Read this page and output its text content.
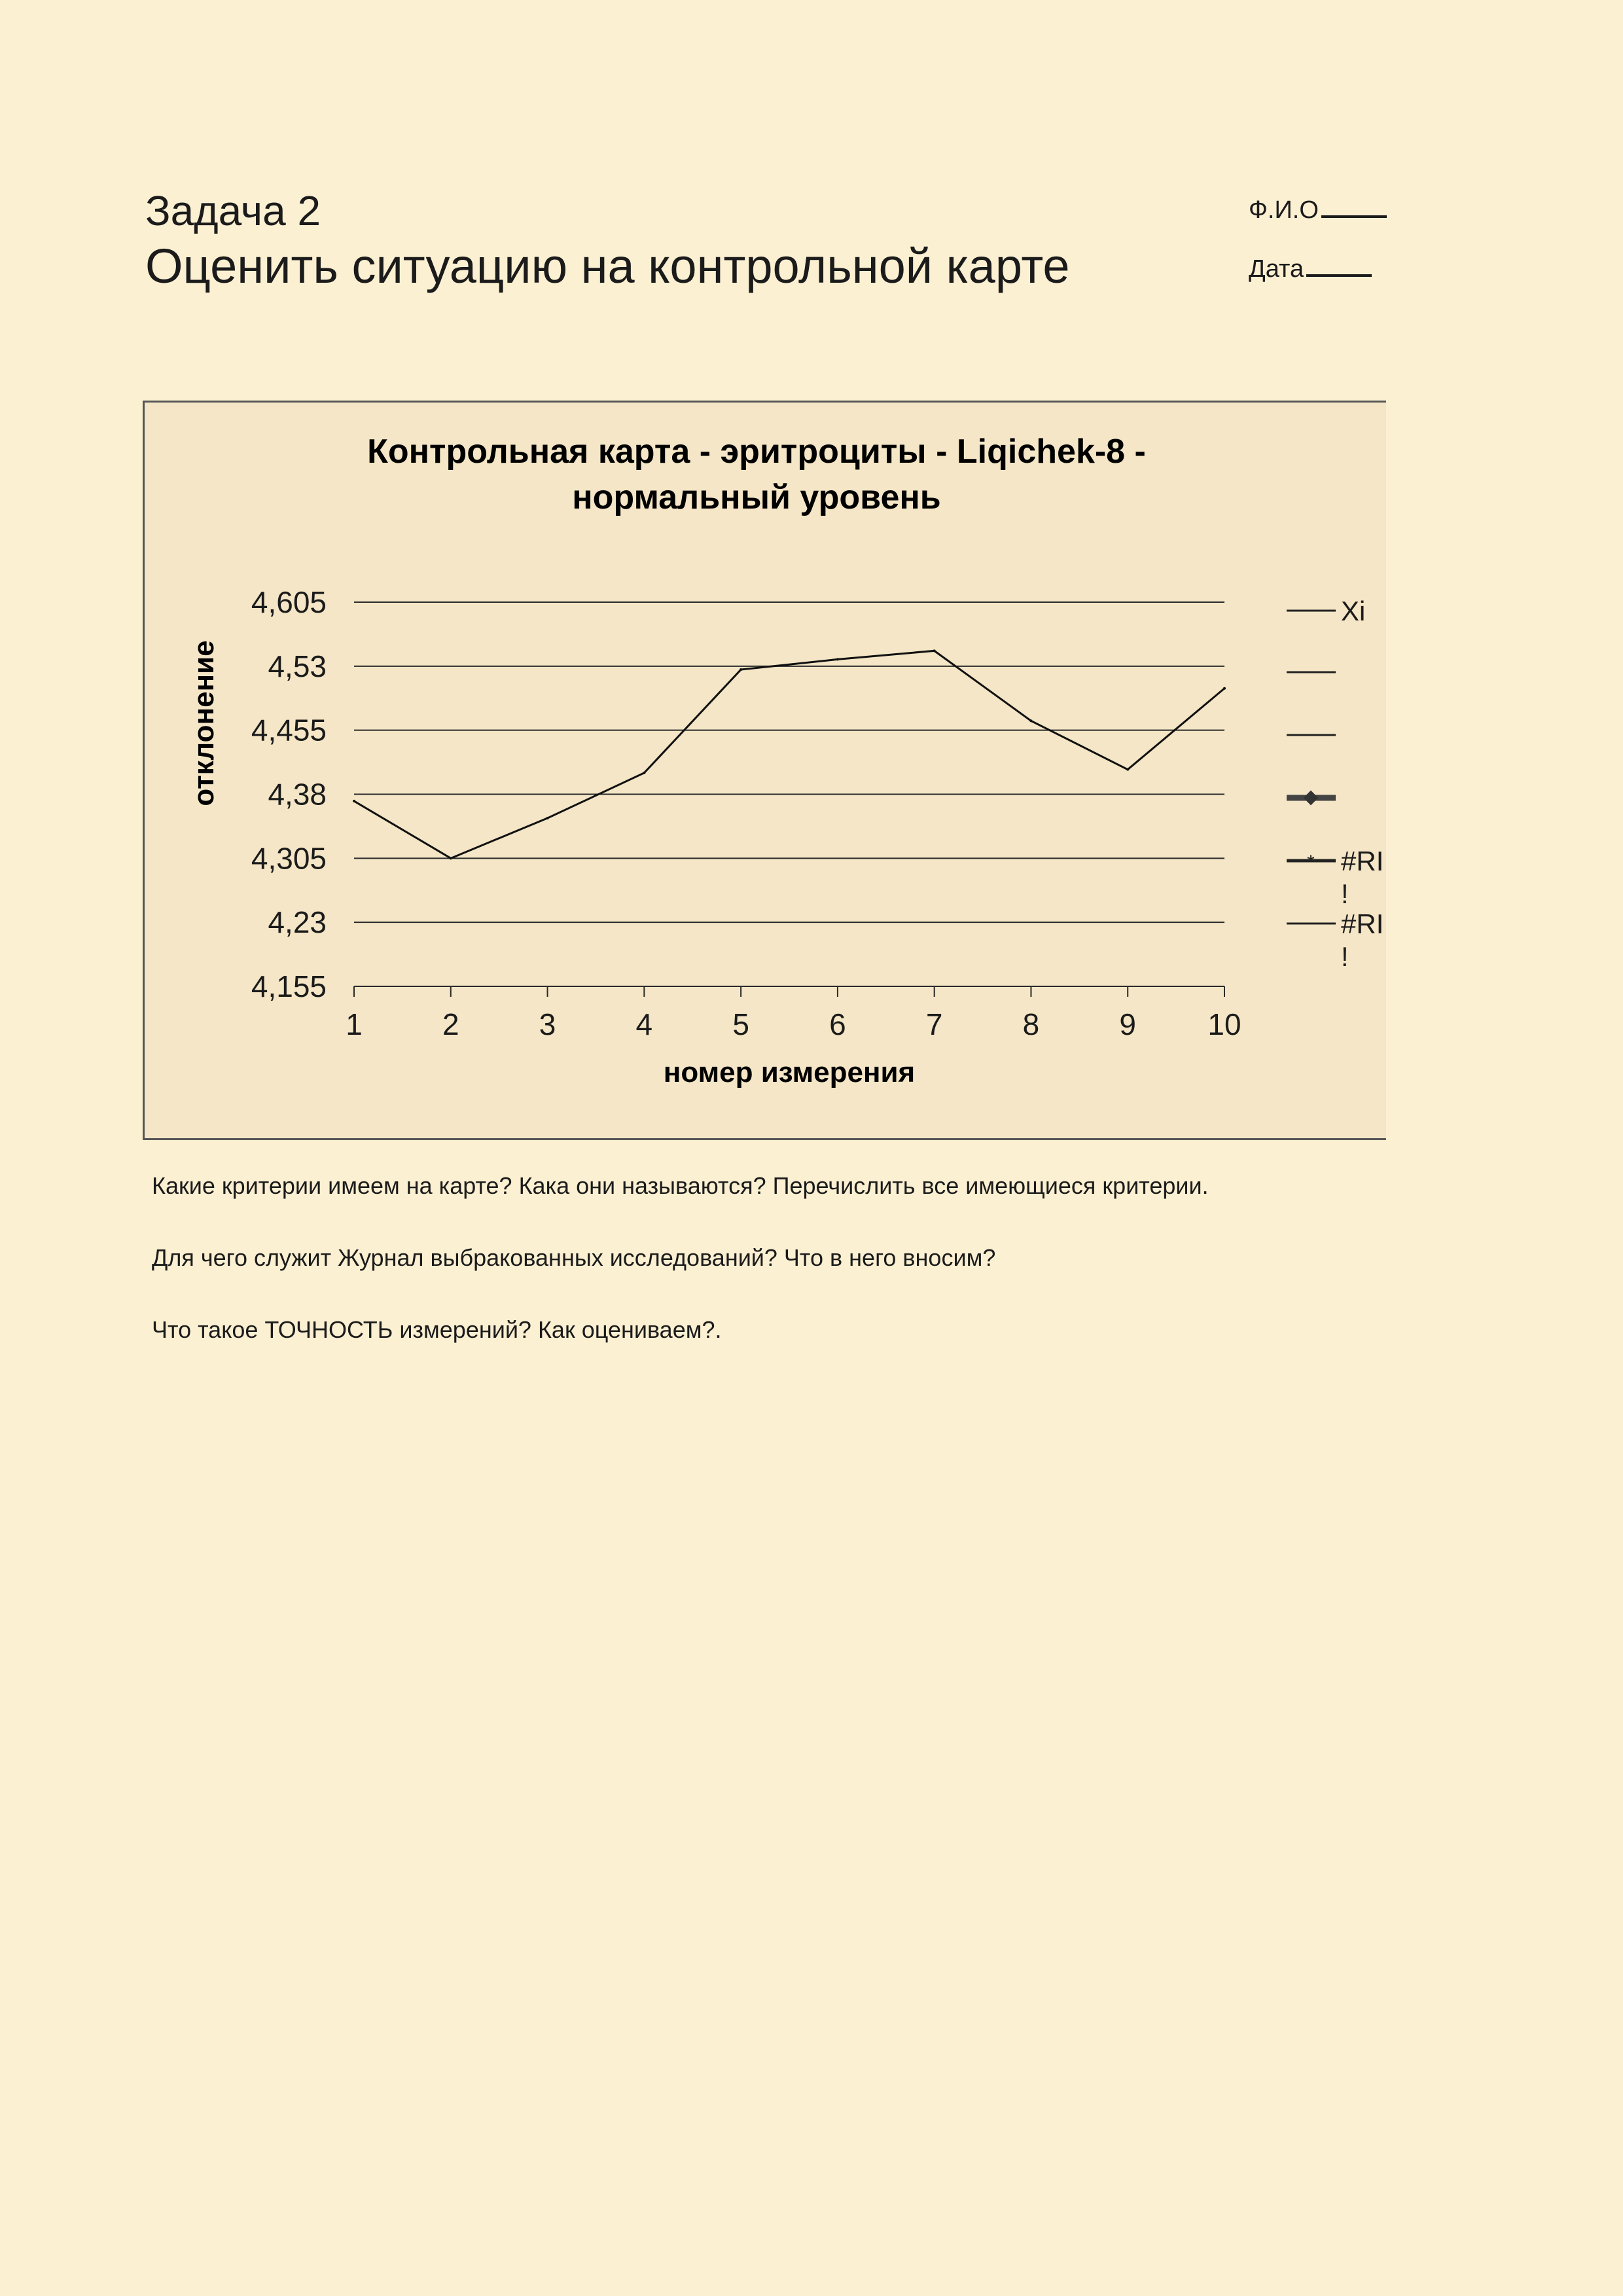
Задача 2
Оценить ситуацию на контрольной карте
Ф.И.О
Дата
Контрольная карта - эритроциты - Liqichek-8 -
нормальный уровень
отклонение
номер измерения
1	2	3	4	5	6	7	8	9 10
4,605
4,53
4,455
4,38
4,305
4,23
4,155
Xi
* #RI
!
#RI
!

Какие критерии имеем на карте? Кака они называются? Перечислить все имеющиеся критерии.

Для чего служит Журнал выбракованных исследований? Что в него вносим?

Что такое ТОЧНОСТЬ измерений? Как оцениваем?.
